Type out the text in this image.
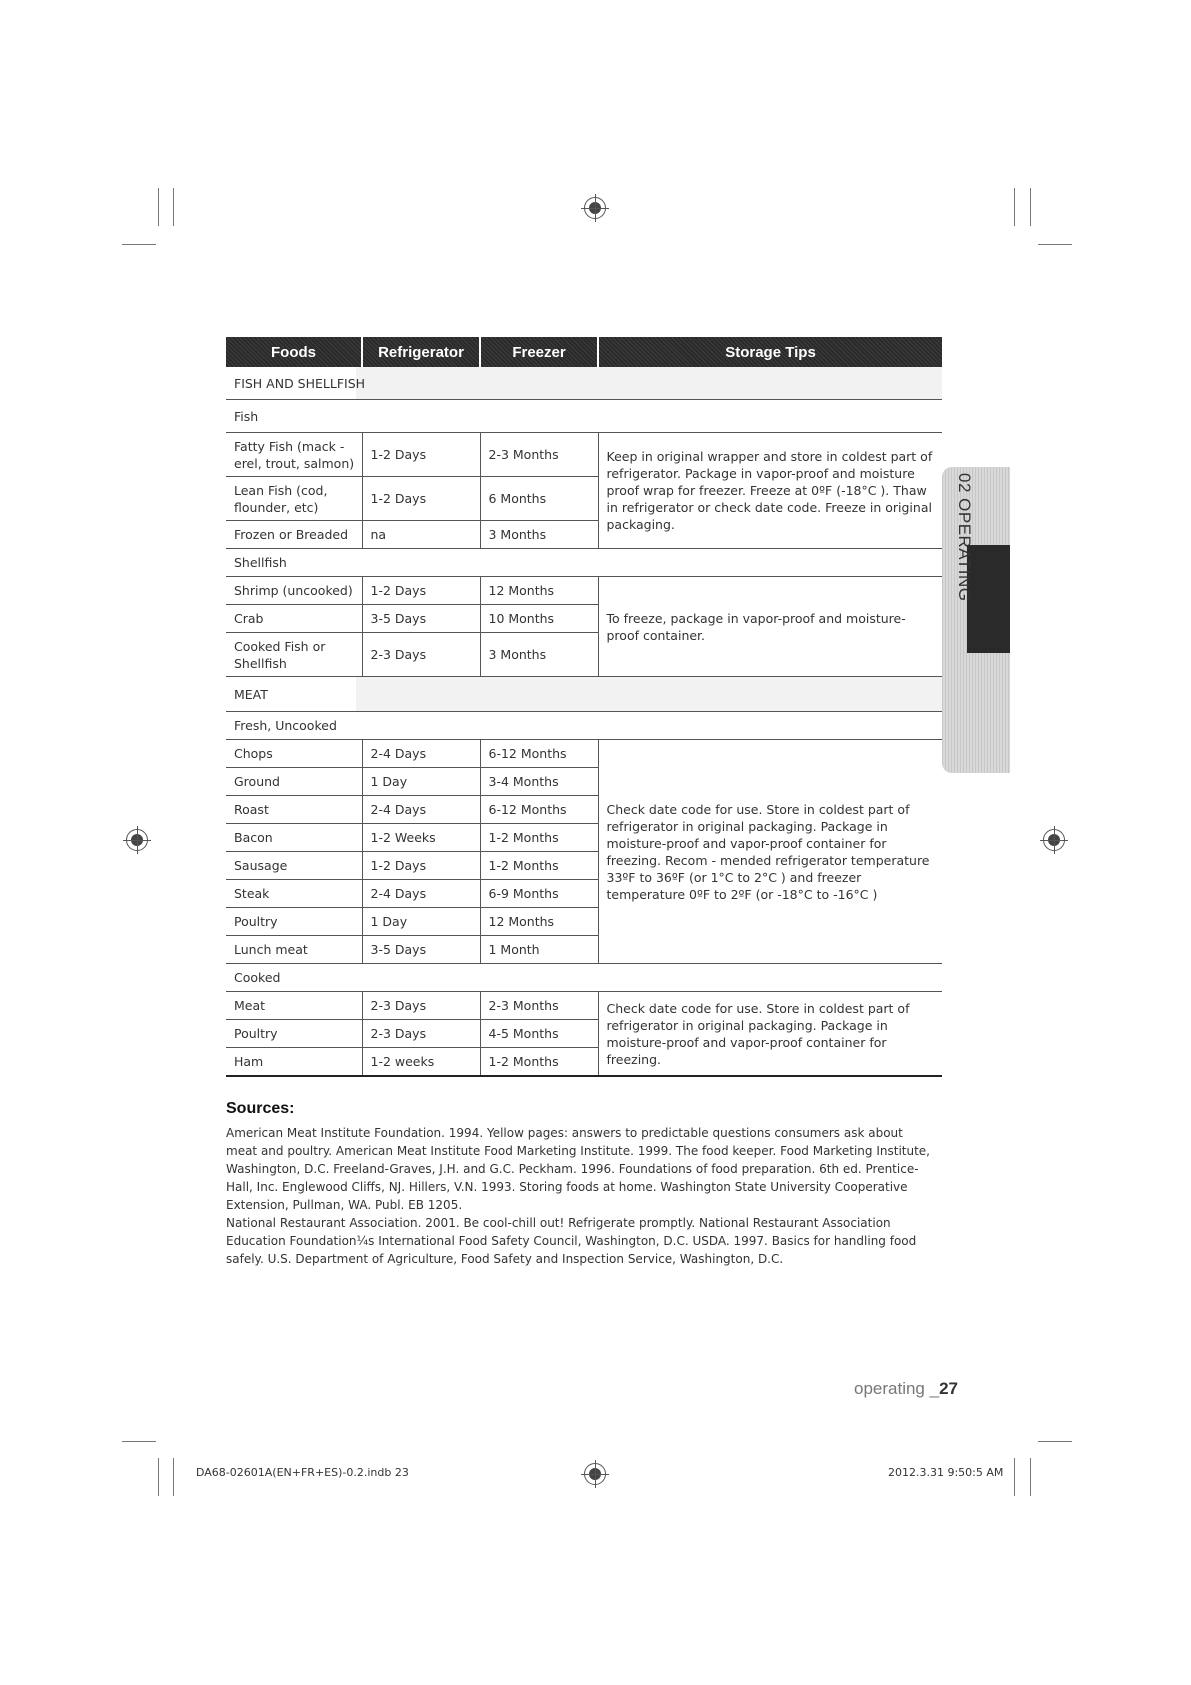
Foods	Refrigerator	Freezer	Storage Tips
FISH AND SHELLFISH			
Fish			
Fatty Fish (mack - erel, trout, salmon)	1-2 Days	2-3 Months	Keep in original wrapper and store in coldest part of refrigerator. Package in vapor-proof and moisture proof wrap for freezer. Freeze at 0ºF (-18°C ). Thaw in refrigerator or check date code. Freeze in original packaging.
Lean Fish (cod, flounder, etc)	1-2 Days	6 Months	
Frozen or Breaded	na	3 Months	
Shellfish			
Shrimp (uncooked)	1-2 Days	12 Months	To freeze, package in vapor-proof and moisture-proof container.
Crab	3-5 Days	10 Months	
Cooked Fish or Shellfish	2-3 Days	3 Months	
MEAT			
Fresh, Uncooked			
Chops	2-4 Days	6-12 Months	Check date code for use. Store in coldest part of refrigerator in original packaging. Package in moisture-proof and vapor-proof container for freezing. Recom - mended refrigerator temperature 33ºF to 36ºF (or 1°C to 2°C ) and freezer temperature 0ºF to 2ºF (or -18°C to -16°C )
Ground	1 Day	3-4 Months	
Roast	2-4 Days	6-12 Months	
Bacon	1-2 Weeks	1-2 Months	
Sausage	1-2 Days	1-2 Months	
Steak	2-4 Days	6-9 Months	
Poultry	1 Day	12 Months	
Lunch meat	3-5 Days	1 Month	
Cooked			
Meat	2-3 Days	2-3 Months	Check date code for use. Store in coldest part of refrigerator in original packaging. Package in moisture-proof and vapor-proof container for freezing.
Poultry	2-3 Days	4-5 Months	
Ham	1-2 weeks	1-2 Months	
02 OPERATING
Sources:

American Meat Institute Foundation. 1994. Yellow pages: answers to predictable questions consumers ask about meat and poultry. American Meat Institute Food Marketing Institute. 1999. The food keeper. Food Marketing Institute, Washington, D.C. Freeland-Graves, J.H. and G.C. Peckham. 1996. Foundations of food preparation. 6th ed. Prentice-Hall, Inc. Englewood Cliffs, NJ. Hillers, V.N. 1993. Storing foods at home. Washington State University Cooperative Extension, Pullman, WA. Publ. EB 1205.

National Restaurant Association. 2001. Be cool-chill out! Refrigerate promptly. National Restaurant Association Education Foundation¼s International Food Safety Council, Washington, D.C. USDA. 1997. Basics for handling food safely. U.S. Department of Agriculture, Food Safety and Inspection Service, Washington, D.C.

operating _27
DA68-02601A(EN+FR+ES)-0.2.indb 23	2012.3.31 9:50:5 AM
